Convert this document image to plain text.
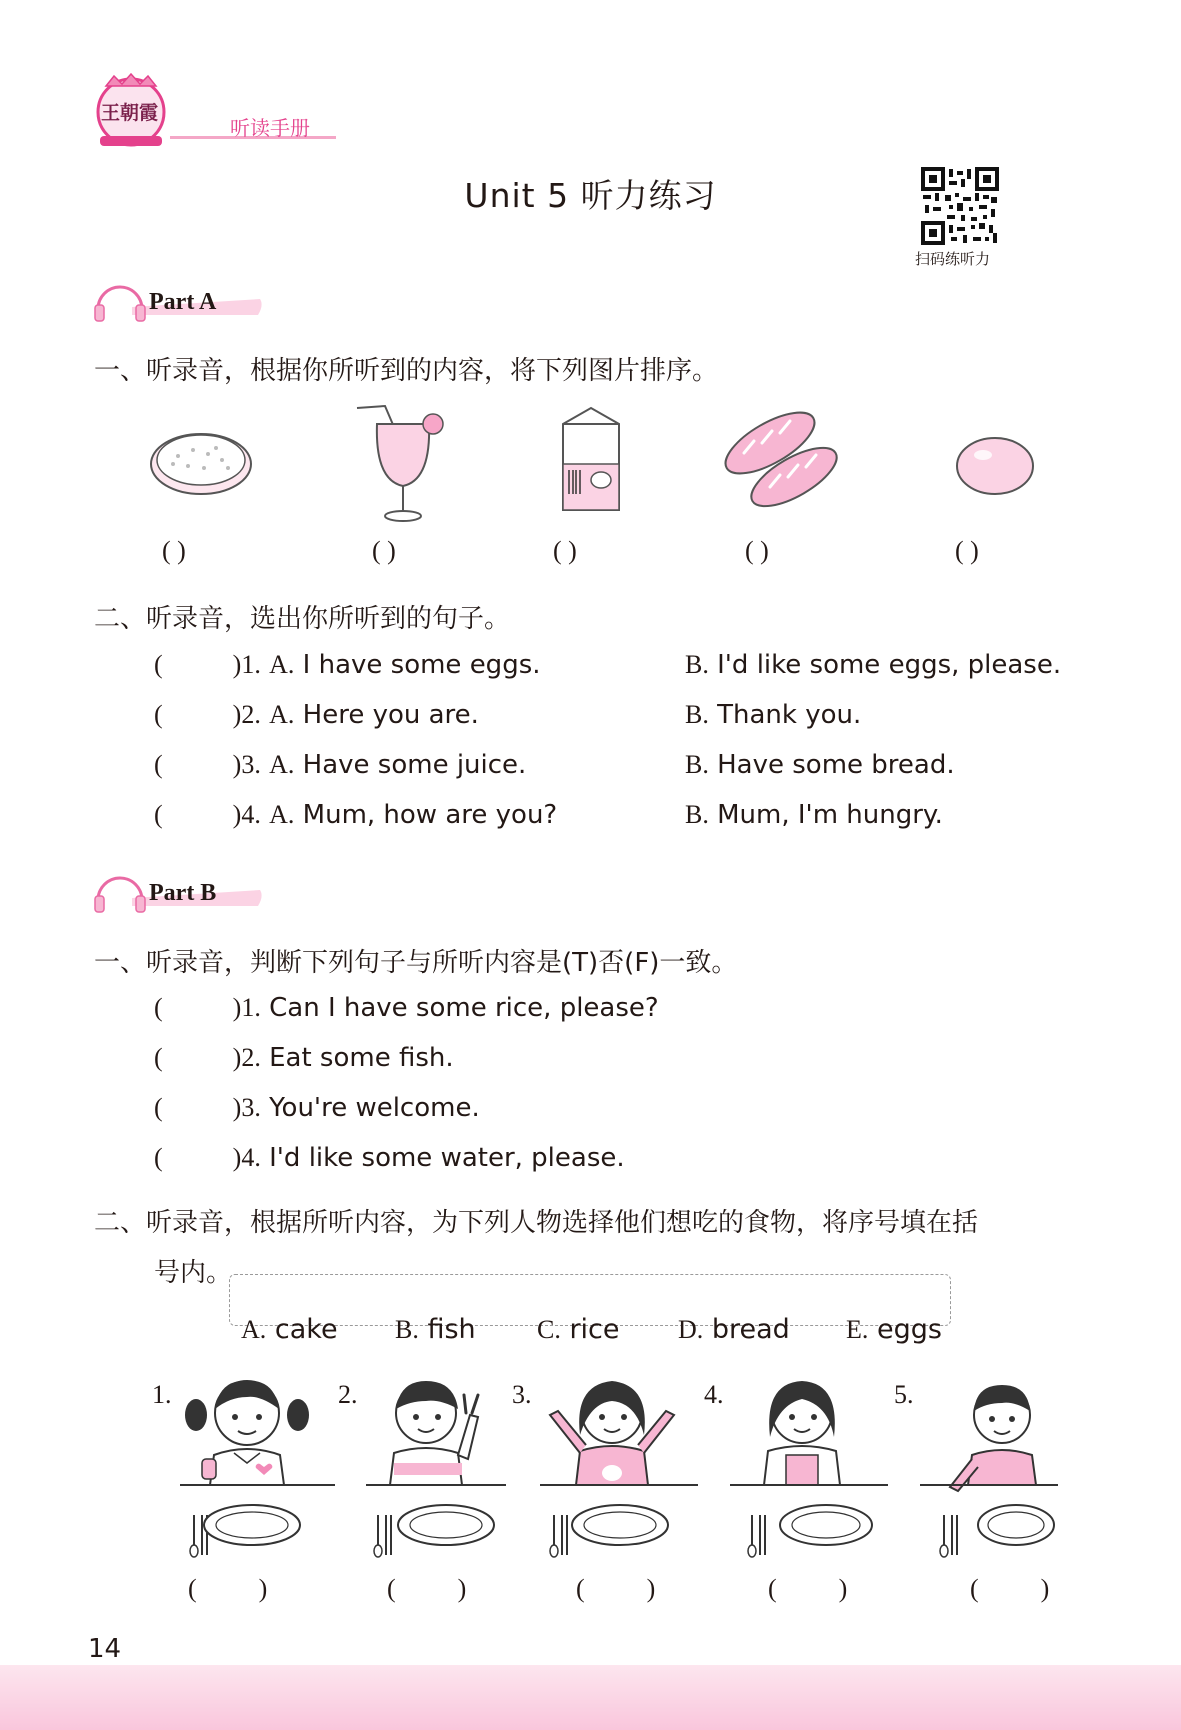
王朝霞
听读手册
Unit 5 听力练习
扫码练听力
Part A
一、听录音，根据你所听到的内容，将下列图片排序。
( )	( )	( )	( )	( )
二、听录音，选出你所听到的句子。
(	)1. A. I have some eggs.	B. I'd like some eggs, please.
(	)2. A. Here you are.	B. Thank you.
(	)3. A. Have some juice.	B. Have some bread.
(	)4. A. Mum, how are you?	B. Mum, I'm hungry.
Part B
一、听录音，判断下列句子与所听内容是(T)否(F)一致。
(	)1. Can I have some rice, please?
(	)2. Eat some fish.
(	)3. You're welcome.
(	)4. I'd like some water, please.
二、听录音，根据所听内容，为下列人物选择他们想吃的食物，将序号填在括
号内。
A. cake B. fish C. rice D. bread E. eggs
1.	2.	3.	4.	5.
( )	( )	( )	( )	( )
14
